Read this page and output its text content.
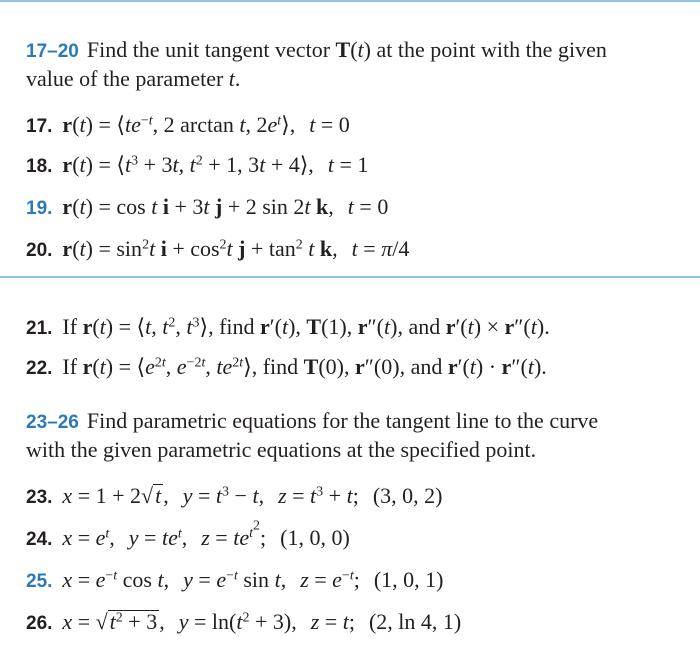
17–20 Find the unit tangent vector T(t) at the point with the given
value of the parameter t.
17. $r(t) = ⟨te^{-t}$, 2 arctan t, $2e^t⟩$, t = 0
18. $r(t) = ⟨t^3 + 3t$, $t^2 + 1$, 3t + 4⟩, t = 1
19. r(t) = cos t i + 3t j + 2 sin 2t k, t = 0
20. $r(t) = \sin^2t$ $i + \cos^2t$ $j + \tan^2 t$ k, t = π/4
21. If r(t) = ⟨t, $t^2$, $t^3⟩$, find r′(t), T(1), r″(t), and r′(t) × r″(t).
22. If $r(t) = ⟨e^{2t}$, $e^{-2t}$, $te^{2t}⟩$, find T(0), r″(0), and r′(t) · r″(t).
23–26 Find parametric equations for the tangent line to the curve
with the given parametric equations at the specified point.
23. x = 1 + 2√t, $y = t^3 - t$, $z = t^3 + t$; (3, 0, 2)
24. $x = e^t$, $y = te^t$, $z = te^{t^2}$; (1, 0, 0)
25. $x = e^{-t}$ cos t, $y = e^{-t}$ sin t, $z = e^{-t}$; (1, 0, 1)
26. $x = √t^2 + 3$, $y = \ln(t^2 + 3)$, z = t; (2, ln 4, 1)
